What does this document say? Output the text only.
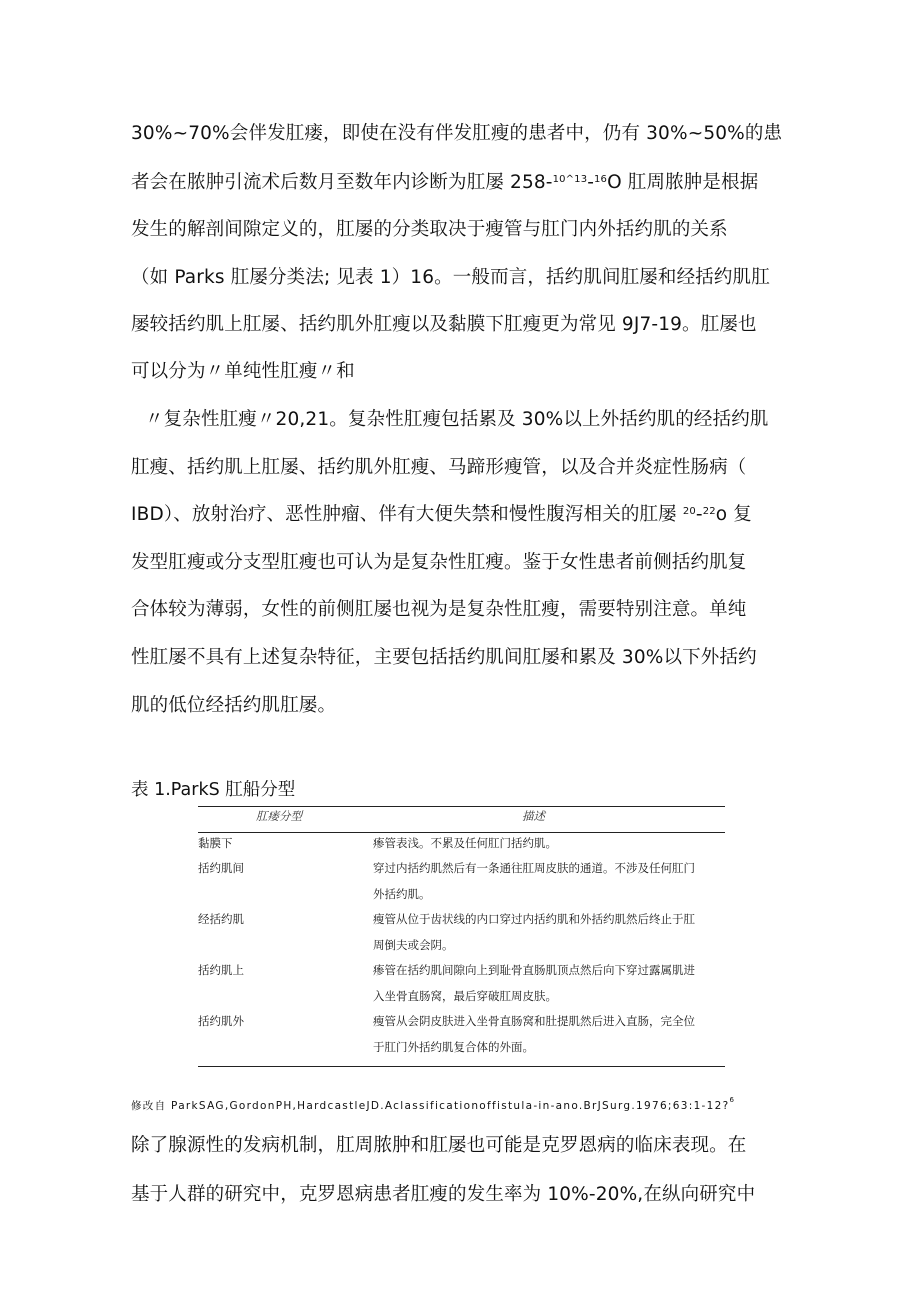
30%~70%会伴发肛瘘，即使在没有伴发肛瘦的患者中，仍有 30%~50%的患
者会在脓肿引流术后数月至数年内诊断为肛屡 258-$^{10\^{}13}$-$^{16}$O 肛周脓肿是根据
发生的解剖间隙定义的，肛屡的分类取决于瘦管与肛门内外括约肌的关系
（如 Parks 肛屡分类法; 见表 1）16。一般而言，括约肌间肛屡和经括约肌肛
屡较括约肌上肛屡、括约肌外肛瘦以及黏膜下肛瘦更为常见 9J7-19。肛屡也
可以分为〃单纯性肛瘦〃和
〃复杂性肛瘦〃20,21。复杂性肛瘦包括累及 30%以上外括约肌的经括约肌
肛瘦、括约肌上肛屡、括约肌外肛瘦、马蹄形瘦管，以及合并炎症性肠病（
IBD）、放射治疗、恶性肿瘤、伴有大便失禁和慢性腹泻相关的肛屡 $^{20}$-$^{22}$o 复
发型肛瘦或分支型肛瘦也可认为是复杂性肛瘦。鉴于女性患者前侧括约肌复
合体较为薄弱，女性的前侧肛屡也视为是复杂性肛瘦，需要特别注意。单纯
性肛屡不具有上述复杂特征，主要包括括约肌间肛屡和累及 30%以下外括约
肌的低位经括约肌肛屡。
表 1.ParkS 肛船分型
肛瘘分型	描述
黏膜下	瘆管表浅。不累及任何肛门括约肌。
括约肌间	穿过内括约肌然后有一条通往肛周皮肤的通道。不涉及任何肛门
外括约肌。
经括约肌	瘦管从位于齿状线的内口穿过内括约肌和外括约肌然后终止于肛
周倒夫或会阴。
括约肌上	瘆管在括约肌间隙向上到耻骨直肠肌顶点然后向下穿过露属肌进
入坐骨直肠窝，最后穿破肛周皮肤。
括约肌外	瘦管从会阴皮肤进入坐骨直肠窝和肚提肌然后进入直肠，完全位
于肛门外括约肌复合体的外面。
修改自 ParkSAG,GordonPH,HardcastleJD.Aclassificationoffistula-in-ano.BrJSurg.1976;63:1-12?$^6$
除了腺源性的发病机制，肛周脓肿和肛屡也可能是克罗恩病的临床表现。在
基于人群的研究中，克罗恩病患者肛瘦的发生率为 10%-20%,在纵向研究中
